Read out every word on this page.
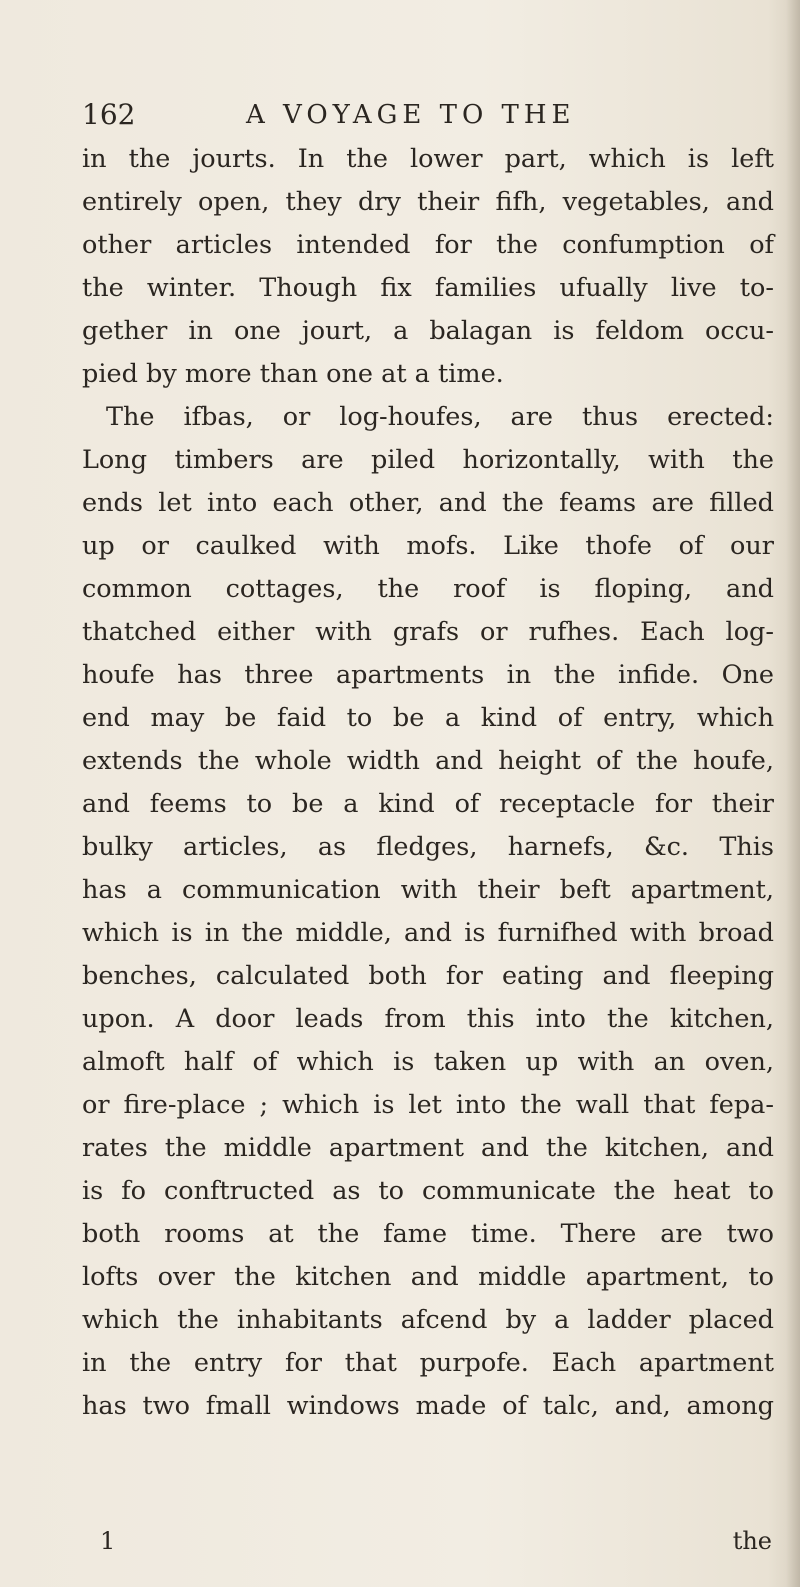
162	A VOYAGE TO THE
in the jourts. In the lower part, which is left
entirely open, they dry their fifh, vegetables, and
other articles intended for the confumption of
the winter. Though fix families ufually live to-
gether in one jourt, a balagan is feldom occu-
pied by more than one at a time.
The ifbas, or log-houfes, are thus erected:
Long timbers are piled horizontally, with the
ends let into each other, and the feams are filled
up or caulked with mofs. Like thofe of our
common cottages, the roof is floping, and
thatched either with grafs or rufhes. Each log-
houfe has three apartments in the infide. One
end may be faid to be a kind of entry, which
extends the whole width and height of the houfe,
and feems to be a kind of receptacle for their
bulky articles, as fledges, harnefs, &c. This
has a communication with their beft apartment,
which is in the middle, and is furnifhed with broad
benches, calculated both for eating and fleeping
upon. A door leads from this into the kitchen,
almoft half of which is taken up with an oven,
or fire-place ; which is let into the wall that fepa-
rates the middle apartment and the kitchen, and
is fo conftructed as to communicate the heat to
both rooms at the fame time. There are two
lofts over the kitchen and middle apartment, to
which the inhabitants afcend by a ladder placed
in the entry for that purpofe. Each apartment
has two fmall windows made of talc, and, among
1	the
